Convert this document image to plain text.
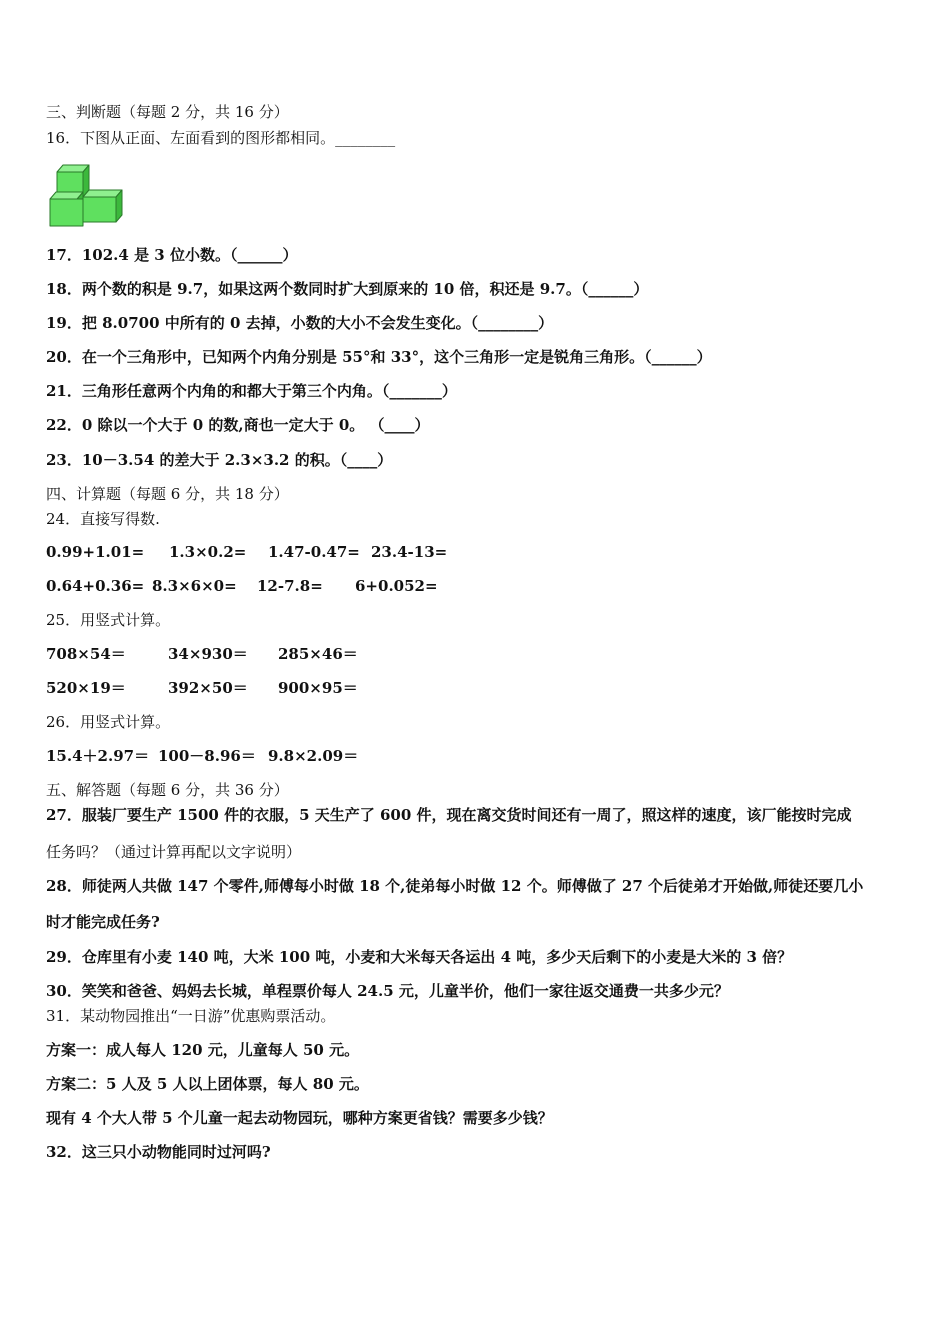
三、判断题（每题 2 分，共 16 分）
16．下图从正面、左面看到的图形都相同。________
17．102.4 是 3 位小数。（______）
18．两个数的积是 9.7，如果这两个数同时扩大到原来的 10 倍，积还是 9.7。（______）
19．把 8.0700 中所有的 0 去掉，小数的大小不会发生变化。（________）
20．在一个三角形中，已知两个内角分别是 55°和 33°，这个三角形一定是锐角三角形。（______）
21．三角形任意两个内角的和都大于第三个内角。（_______）
22．0 除以一个大于 0 的数,商也一定大于 0。 （____）
23．10－3.54 的差大于 2.3×3.2 的积。（____）
四、计算题（每题 6 分，共 18 分）
24．直接写得数.
0.99+1.01= 1.3×0.2= 1.47-0.47= 23.4-13=
0.64+0.36= 8.3×6×0= 12-7.8= 6+0.052=
25．用竖式计算。
708×54＝	34×930＝ 285×46＝
520×19＝	392×50＝ 900×95＝
26．用竖式计算。
15.4＋2.97＝ 100－8.96＝ 9.8×2.09＝
五、解答题（每题 6 分，共 36 分）
27．服装厂要生产 1500 件的衣服，5 天生产了 600 件，现在离交货时间还有一周了，照这样的速度，该厂能按时完成
任务吗？（通过计算再配以文字说明）
28．师徒两人共做 147 个零件,师傅每小时做 18 个,徒弟每小时做 12 个。师傅做了 27 个后徒弟才开始做,师徒还要几小
时才能完成任务?
29．仓库里有小麦 140 吨，大米 100 吨，小麦和大米每天各运出 4 吨，多少天后剩下的小麦是大米的 3 倍？
30．笑笑和爸爸、妈妈去长城，单程票价每人 24.5 元，儿童半价，他们一家往返交通费一共多少元？
31．某动物园推出“一日游”优惠购票活动。
方案一：成人每人 120 元，儿童每人 50 元。
方案二：5 人及 5 人以上团体票，每人 80 元。
现有 4 个大人带 5 个儿童一起去动物园玩，哪种方案更省钱？需要多少钱？
32．这三只小动物能同时过河吗?
